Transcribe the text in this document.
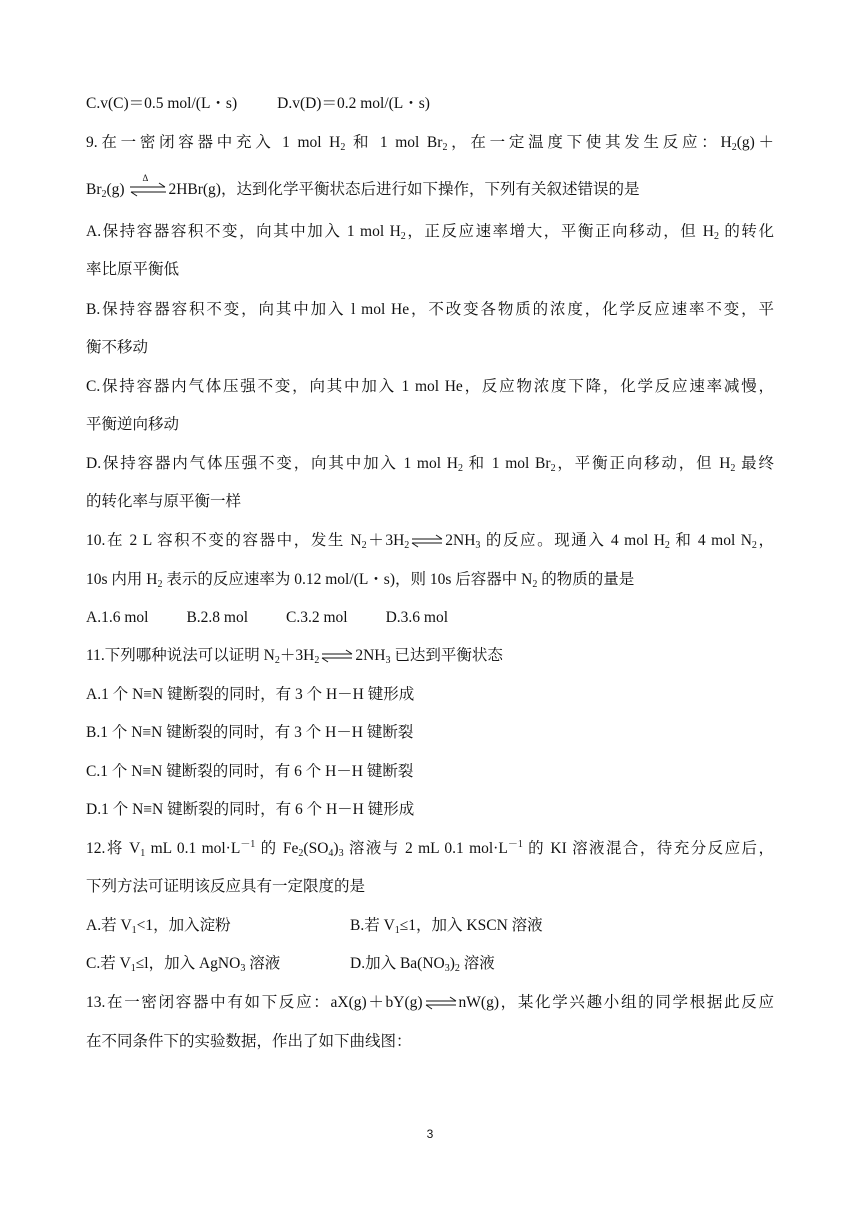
C.v(C)＝0.5 mol/(L・s)	D.v(D)＝0.2 mol/(L・s)
9.在一密闭容器中充入 1 mol $H_2$ 和 1 mol $Br_2$，在一定温度下使其发生反应：$H_2(g)+$
$Br_2(g)$
Δ
2HBr(g)，达到化学平衡状态后进行如下操作，下列有关叙述错误的是
A.保持容器容积不变，向其中加入 1 mol $H_2$，正反应速率增大，平衡正向移动，但 $H_2$ 的转化
率比原平衡低
B.保持容器容积不变，向其中加入 l mol He，不改变各物质的浓度，化学反应速率不变，平
衡不移动
C.保持容器内气体压强不变，向其中加入 1 mol He，反应物浓度下降，化学反应速率减慢，
平衡逆向移动
D.保持容器内气体压强不变，向其中加入 1 mol $H_2$ 和 1 mol $Br_2$，平衡正向移动，但 $H_2$ 最终
的转化率与原平衡一样
10.在 2 L 容积不变的容器中，发生 $N_2+3H_2\rightleftharpoons 2NH_3$ 的反应。现通入 4 mol $H_2$ 和 4 mol $N_2$，
10s 内用 $H_2$ 表示的反应速率为 0.12 mol/(L・s)，则 10s 后容器中 $N_2$ 的物质的量是
A.1.6 mol B.2.8 mol C.3.2 mol D.3.6 mol
11.下列哪种说法可以证明 $N_2+3H_2\rightleftharpoons 2NH_3$ 已达到平衡状态
A.1 个 N≡N 键断裂的同时，有 3 个 H－H 键形成
B.1 个 N≡N 键断裂的同时，有 3 个 H－H 键断裂
C.1 个 N≡N 键断裂的同时，有 6 个 H－H 键断裂
D.1 个 N≡N 键断裂的同时，有 6 个 H－H 键形成
12.将 $V_1$ mL 0.1 $mol\cdot L^{-1}$ 的 $Fe_2(SO_4)_3$ 溶液与 2 mL 0.1 $mol\cdot L^{-1}$ 的 KI 溶液混合，待充分反应后，
下列方法可证明该反应具有一定限度的是
A.若 $V_1<1$，加入淀粉	B.若 $V_1\le 1$，加入 KSCN 溶液
C.若 $V_1\le l$，加入 AgNO$_3$ 溶液	D.加入 $Ba(NO_3)_2$ 溶液
13.在一密闭容器中有如下反应：aX(g)＋bY(g)⇌nW(g)，某化学兴趣小组的同学根据此反应
在不同条件下的实验数据，作出了如下曲线图：
3
